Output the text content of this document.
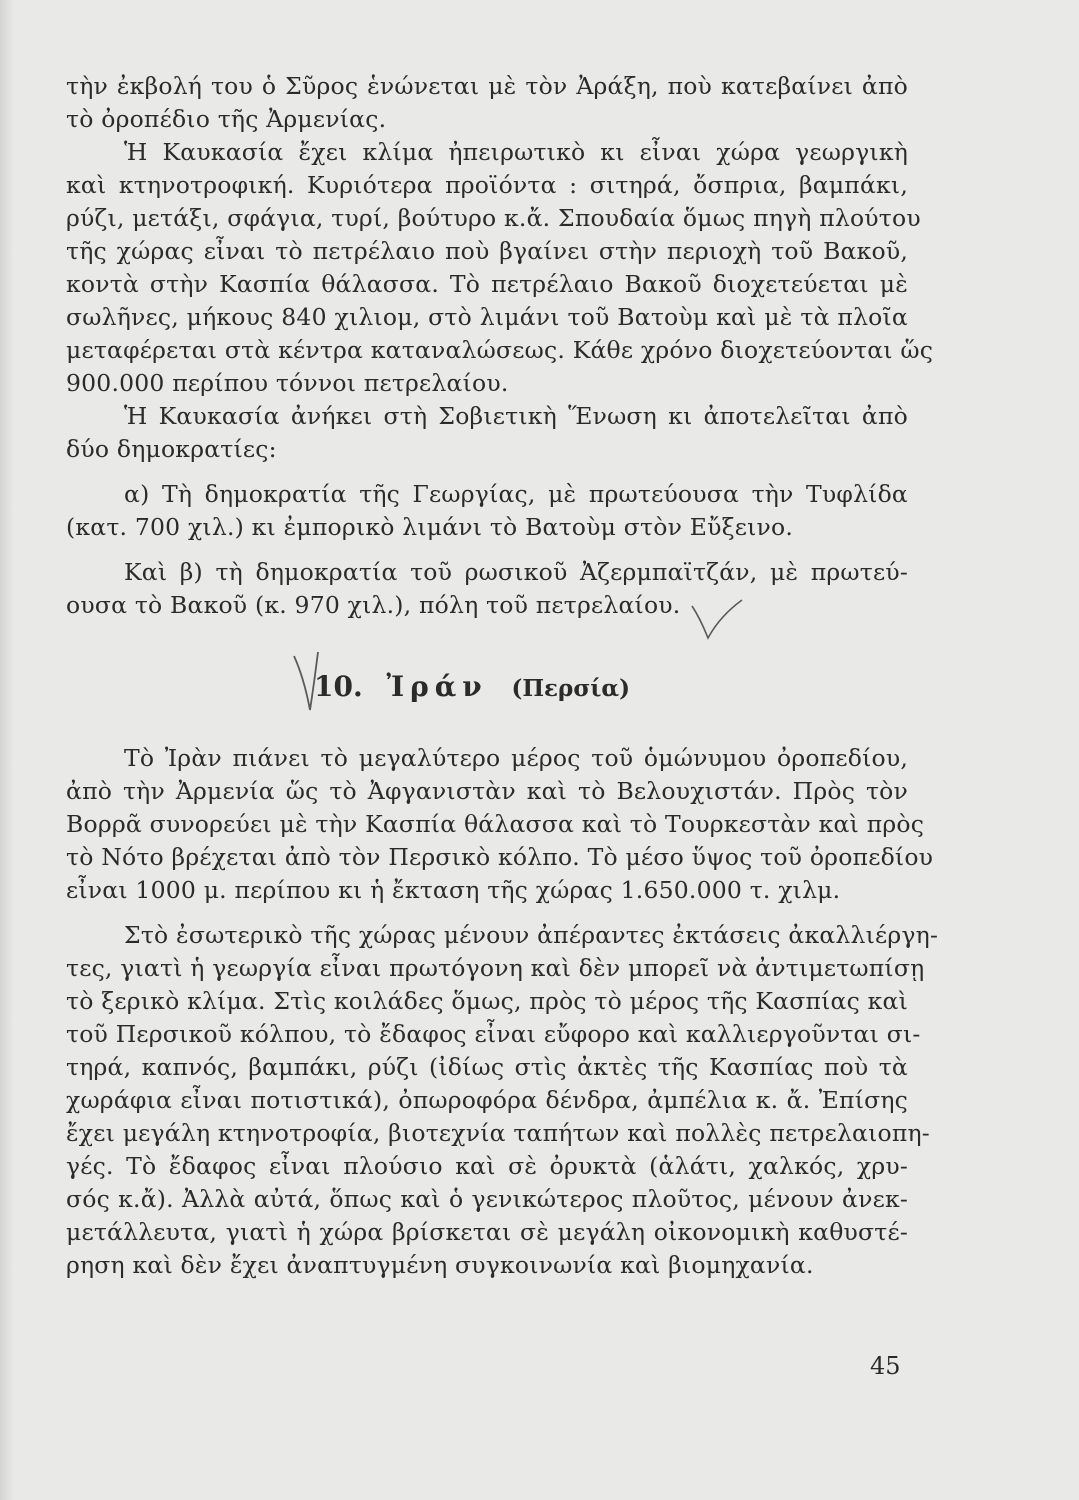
τὴν ἐκβολή του ὁ Σῦρος ἑνώνεται μὲ τὸν Ἀράξη, ποὺ κατεβαίνει ἀπὸ
τὸ ὀροπέδιο τῆς Ἀρμενίας.
Ἡ Καυκασία ἔχει κλίμα ἠπειρωτικὸ κι εἶναι χώρα γεωργικὴ
καὶ κτηνοτροφική. Κυριότερα προϊόντα : σιτηρά, ὄσπρια, βαμπάκι,
ρύζι, μετάξι, σφάγια, τυρί, βούτυρο κ.ἄ. Σπουδαία ὅμως πηγὴ πλούτου
τῆς χώρας εἶναι τὸ πετρέλαιο ποὺ βγαίνει στὴν περιοχὴ τοῦ Βακοῦ,
κοντὰ στὴν Κασπία θάλασσα. Τὸ πετρέλαιο Βακοῦ διοχετεύεται μὲ
σωλῆνες, μήκους 840 χιλιομ, στὸ λιμάνι τοῦ Βατοὺμ καὶ μὲ τὰ πλοῖα
μεταφέρεται στὰ κέντρα καταναλώσεως. Κάθε χρόνο διοχετεύονται ὥς
900.000 περίπου τόννοι πετρελαίου.
Ἡ Καυκασία ἀνήκει στὴ Σοβιετικὴ Ἕνωση κι ἀποτελεῖται ἀπὸ
δύο δημοκρατίες:
α) Τὴ δημοκρατία τῆς Γεωργίας, μὲ πρωτεύουσα τὴν Τυφλίδα
(κατ. 700 χιλ.) κι ἐμπορικὸ λιμάνι τὸ Βατοὺμ στὸν Εὔξεινο.
Καὶ β) τὴ δημοκρατία τοῦ ρωσικοῦ Ἀζερμπαϊτζάν, μὲ πρωτεύ-
ουσα τὸ Βακοῦ (κ. 970 χιλ.), πόλη τοῦ πετρελαίου.
10. Ἰράν (Περσία)
Τὸ Ἰρὰν πιάνει τὸ μεγαλύτερο μέρος τοῦ ὁμώνυμου ὀροπεδίου,
ἀπὸ τὴν Ἀρμενία ὥς τὸ Ἀφγανιστὰν καὶ τὸ Βελουχιστάν. Πρὸς τὸν
Βορρᾶ συνορεύει μὲ τὴν Κασπία θάλασσα καὶ τὸ Τουρκεστὰν καὶ πρὸς
τὸ Νότο βρέχεται ἀπὸ τὸν Περσικὸ κόλπο. Τὸ μέσο ὕψος τοῦ ὀροπεδίου
εἶναι 1000 μ. περίπου κι ἡ ἔκταση τῆς χώρας 1.650.000 τ. χιλμ.
Στὸ ἐσωτερικὸ τῆς χώρας μένουν ἀπέραντες ἐκτάσεις ἀκαλλιέργη-
τες, γιατὶ ἡ γεωργία εἶναι πρωτόγονη καὶ δὲν μπορεῖ νὰ ἀντιμετωπίσῃ
τὸ ξερικὸ κλίμα. Στὶς κοιλάδες ὅμως, πρὸς τὸ μέρος τῆς Κασπίας καὶ
τοῦ Περσικοῦ κόλπου, τὸ ἔδαφος εἶναι εὔφορο καὶ καλλιεργοῦνται σι-
τηρά, καπνός, βαμπάκι, ρύζι (ἰδίως στὶς ἀκτὲς τῆς Κασπίας ποὺ τὰ
χωράφια εἶναι ποτιστικά), ὀπωροφόρα δένδρα, ἀμπέλια κ. ἄ. Ἐπίσης
ἔχει μεγάλη κτηνοτροφία, βιοτεχνία ταπήτων καὶ πολλὲς πετρελαιοπη-
γές. Τὸ ἔδαφος εἶναι πλούσιο καὶ σὲ ὀρυκτὰ (ἁλάτι, χαλκός, χρυ-
σός κ.ἄ). Ἀλλὰ αὐτά, ὅπως καὶ ὁ γενικώτερος πλοῦτος, μένουν ἀνεκ-
μετάλλευτα, γιατὶ ἡ χώρα βρίσκεται σὲ μεγάλη οἰκονομικὴ καθυστέ-
ρηση καὶ δὲν ἔχει ἀναπτυγμένη συγκοινωνία καὶ βιομηχανία.
45
